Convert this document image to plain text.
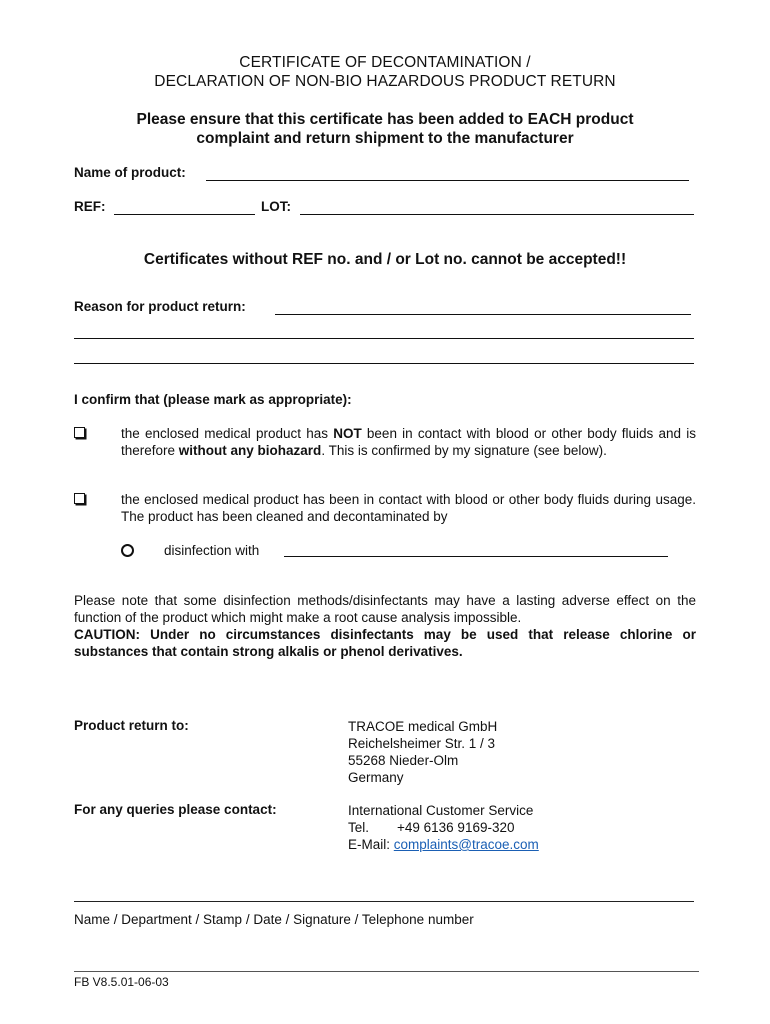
CERTIFICATE OF DECONTAMINATION /
DECLARATION OF NON-BIO HAZARDOUS PRODUCT RETURN
Please ensure that this certificate has been added to EACH product
complaint and return shipment to the manufacturer
Name of product:
REF:	LOT:
Certificates without REF no. and / or Lot no. cannot be accepted!!
Reason for product return:
I confirm that (please mark as appropriate):
the enclosed medical product has NOT been in contact with blood or other body fluids and is therefore without any biohazard. This is confirmed by my signature (see below).
the enclosed medical product has been in contact with blood or other body fluids during usage. The product has been cleaned and decontaminated by
disinfection with
Please note that some disinfection methods/disinfectants may have a lasting adverse effect on the function of the product which might make a root cause analysis impossible.
CAUTION: Under no circumstances disinfectants may be used that release chlorine or substances that contain strong alkalis or phenol derivatives.
Product return to:	TRACOE medical GmbH
Reichelsheimer Str. 1 / 3
55268 Nieder-Olm
Germany
For any queries please contact:	International Customer Service
Tel. +49 6136 9169-320
E-Mail: complaints@tracoe.com
Name / Department / Stamp / Date / Signature / Telephone number
FB V8.5.01-06-03
